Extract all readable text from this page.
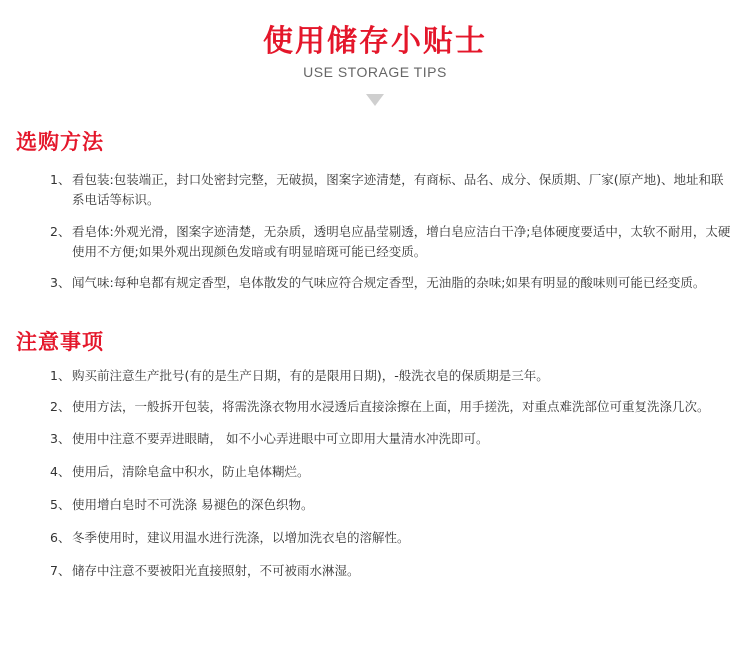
使用储存小贴士
USE STORAGE TIPS
选购方法
1、 看包装:包装端正，封口处密封完整，无破损，图案字迹清楚，有商标、品名、成分、保质期、厂家(原产地)、地址和联系电话等标识。
2、 看皂体:外观光滑，图案字迹清楚，无杂质，透明皂应晶莹剔透，增白皂应洁白干净;皂体硬度要适中，太软不耐用，太硬使用不方便;如果外观出现颜色发暗或有明显暗斑可能已经变质。
3、 闻气味:每种皂都有规定香型，皂体散发的气味应符合规定香型，无油脂的杂味;如果有明显的酸味则可能已经变质。
注意事项
1、 购买前注意生产批号(有的是生产日期，有的是限用日期)，-般洗衣皂的保质期是三年。
2、 使用方法，一般拆开包装，将需洗涤衣物用水浸透后直接涂擦在上面，用手搓洗，对重点难洗部位可重复洗涤几次。
3、 使用中注意不要弄进眼睛， 如不小心弄进眼中可立即用大量清水冲洗即可。
4、 使用后，清除皂盒中积水，防止皂体糊烂。
5、 使用增白皂时不可洗涤 易褪色的深色织物。
6、 冬季使用时，建议用温水进行洗涤，以增加洗衣皂的溶解性。
7、 储存中注意不要被阳光直接照射，不可被雨水淋湿。
